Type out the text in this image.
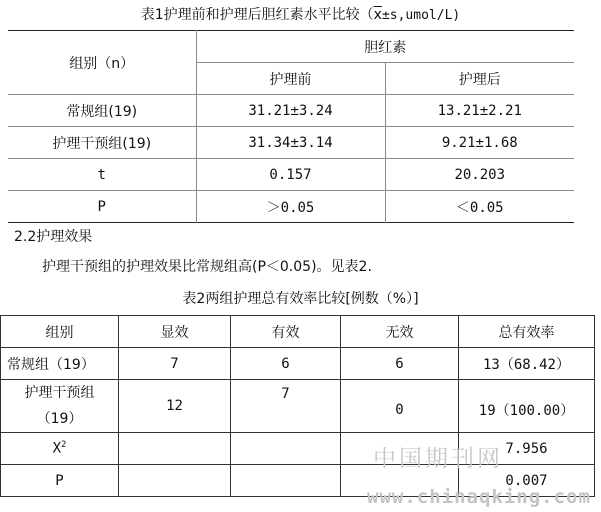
表1护理前和护理后胆红素水平比较$(\overline{x}\pm s,umol/L)$
组别（n）	胆红素	
	护理前	护理后
常规组(19)	31.21±3.24	13.21±2.21
护理干预组(19)	31.34±3.14	9.21±1.68
t	0.157	20.203
P	＞0.05	＜0.05
2.2护理效果
护理干预组的护理效果比常规组高(P＜0.05)。见表2.
表2两组护理总有效率比较[例数（%）]
组别	显效	有效	无效	总有效率
常规组（19）	7	6	6	13（68.42）

护理干预组
（19）	12	7	0	19（100.00）
$X^2$				7.956
P				0.007
中国期刊网
www.chinaqking.com
